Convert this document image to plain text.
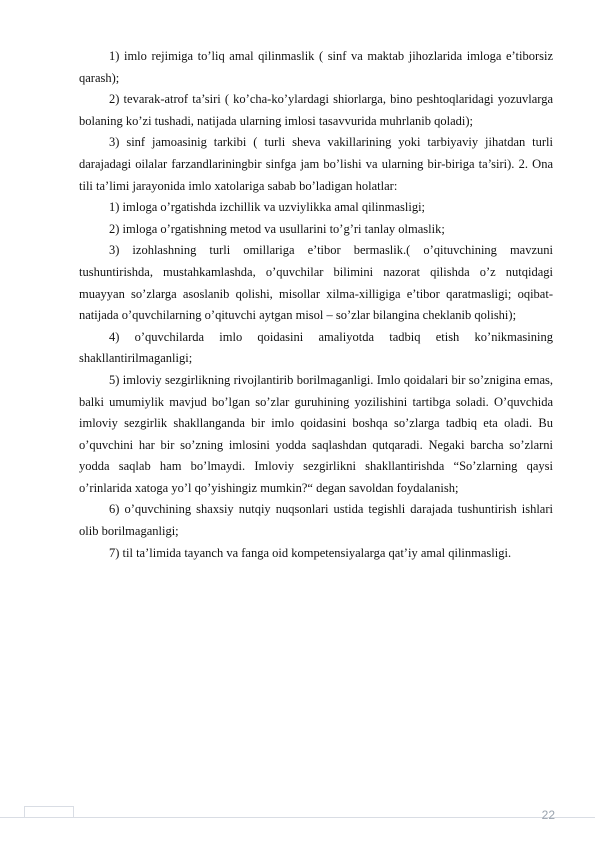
1) imlo rejimiga to’liq amal qilinmaslik ( sinf va maktab jihozlarida imloga e’tiborsiz qarash);

2) tevarak-atrof ta’siri ( ko’cha-ko’ylardagi shiorlarga, bino peshtoqlaridagi yozuvlarga bolaning ko’zi tushadi, natijada ularning imlosi tasavvurida muhrlanib qoladi);

3) sinf jamoasinig tarkibi ( turli sheva vakillarining yoki tarbiyaviy jihatdan turli darajadagi oilalar farzandlariningbir sinfga jam bo’lishi va ularning bir-biriga ta’siri). 2. Ona tili ta’limi jarayonida imlo xatolariga sabab bo’ladigan holatlar:

1) imloga o’rgatishda izchillik va uzviylikka amal qilinmasligi;

2) imloga o’rgatishning metod va usullarini to’g’ri tanlay olmaslik;

3) izohlashning turli omillariga e’tibor bermaslik.( o’qituvchining mavzuni tushuntirishda, mustahkamlashda, o’quvchilar bilimini nazorat qilishda o’z nutqidagi muayyan so’zlarga asoslanib qolishi, misollar xilma-xilligiga e’tibor qaratmasligi; oqibat-natijada o’quvchilarning o’qituvchi aytgan misol – so’zlar bilangina cheklanib qolishi);

4) o’quvchilarda imlo qoidasini amaliyotda tadbiq etish ko’nikmasining shakllantirilmaganligi;

5) imloviy sezgirlikning rivojlantirib borilmaganligi. Imlo qoidalari bir so’znigina emas, balki umumiylik mavjud bo’lgan so’zlar guruhining yozilishini tartibga soladi. O’quvchida imloviy sezgirlik shakllanganda bir imlo qoidasini boshqa so’zlarga tadbiq eta oladi. Bu o’quvchini har bir so’zning imlosini yodda saqlashdan qutqaradi. Negaki barcha so’zlarni yodda saqlab ham bo’lmaydi. Imloviy sezgirlikni shakllantirishda “So’zlarning qaysi o’rinlarida xatoga yo’l qo’yishingiz mumkin?“ degan savoldan foydalanish;

6) o’quvchining shaxsiy nutqiy nuqsonlari ustida tegishli darajada tushuntirish ishlari olib borilmaganligi;

7) til ta’limida tayanch va fanga oid kompetensiyalarga qat’iy amal qilinmasligi.

22
